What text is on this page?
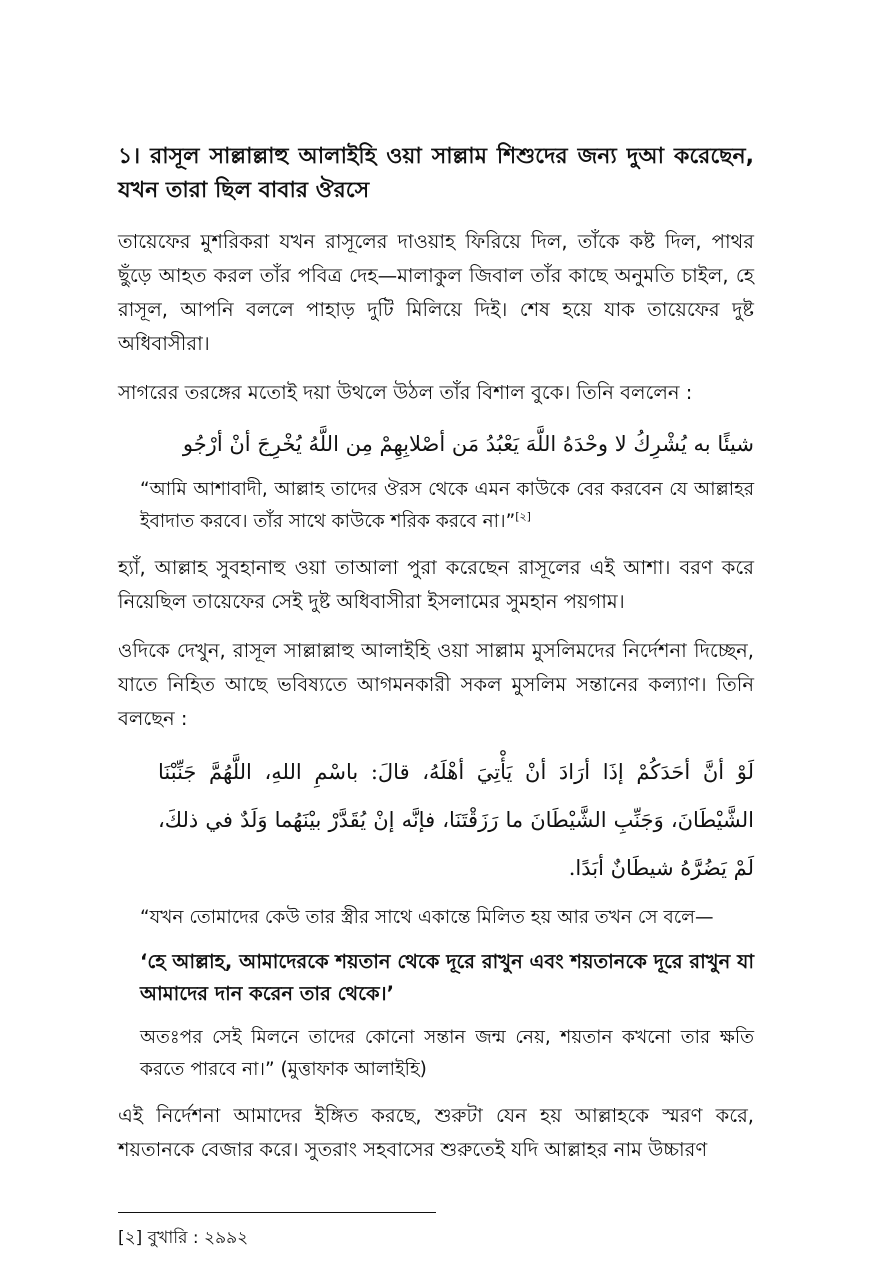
১। রাসূল সাল্লাল্লাহু আলাইহি ওয়া সাল্লাম শিশুদের জন্য দুআ করেছেন, যখন তারা ছিল বাবার ঔরসে

তায়েফের মুশরিকরা যখন রাসূলের দাওয়াহ ফিরিয়ে দিল, তাঁকে কষ্ট দিল, পাথর ছুঁড়ে আহত করল তাঁর পবিত্র দেহ—মালাকুল জিবাল তাঁর কাছে অনুমতি চাইল, হে রাসূল, আপনি বললে পাহাড় দুটি মিলিয়ে দিই। শেষ হয়ে যাক তায়েফের দুষ্ট অধিবাসীরা।

সাগরের তরঙ্গের মতোই দয়া উথলে উঠল তাঁর বিশাল বুকে। তিনি বললেন :

شيئًا به يُشْرِكُ لا وحْدَهُ اللَّهَ يَعْبُدُ مَن أصْلابِهِمْ مِن اللَّهُ يُخْرِجَ أنْ أرْجُو

“আমি আশাবাদী, আল্লাহ তাদের ঔরস থেকে এমন কাউকে বের করবেন যে আল্লাহর ইবাদাত করবে। তাঁর সাথে কাউকে শরিক করবে না।”[২]

হ্যাঁ, আল্লাহ সুবহানাহু ওয়া তাআলা পুরা করেছেন রাসূলের এই আশা। বরণ করে নিয়েছিল তায়েফের সেই দুষ্ট অধিবাসীরা ইসলামের সুমহান পয়গাম।

ওদিকে দেখুন, রাসূল সাল্লাল্লাহু আলাইহি ওয়া সাল্লাম মুসলিমদের নির্দেশনা দিচ্ছেন, যাতে নিহিত আছে ভবিষ্যতে আগমনকারী সকল মুসলিম সন্তানের কল্যাণ। তিনি বলছেন :

لَوْ أنَّ أحَدَكُمْ إذَا أرَادَ أنْ يَأْتِيَ أهْلَهُ، قالَ: باسْمِ اللهِ، اللَّهُمَّ جَنِّبْنَا الشَّيْطَانَ، وَجَنِّبِ الشَّيْطَانَ ما رَزَقْتَنَا، فإنَّه إنْ يُقَدَّرْ بيْنَهُما وَلَدٌ في ذلكَ، لَمْ يَضُرَّهُ شيطَانٌ أبَدًا.

“যখন তোমাদের কেউ তার স্ত্রীর সাথে একান্তে মিলিত হয় আর তখন সে বলে—

‘হে আল্লাহ, আমাদেরকে শয়তান থেকে দূরে রাখুন এবং শয়তানকে দূরে রাখুন যা আমাদের দান করেন তার থেকে।’

অতঃপর সেই মিলনে তাদের কোনো সন্তান জন্ম নেয়, শয়তান কখনো তার ক্ষতি করতে পারবে না।” (মুত্তাফাক আলাইহি)

এই নির্দেশনা আমাদের ইঙ্গিত করছে, শুরুটা যেন হয় আল্লাহকে স্মরণ করে, শয়তানকে বেজার করে। সুতরাং সহবাসের শুরুতেই যদি আল্লাহর নাম উচ্চারণ

[২] বুখারি : ২৯৯২
